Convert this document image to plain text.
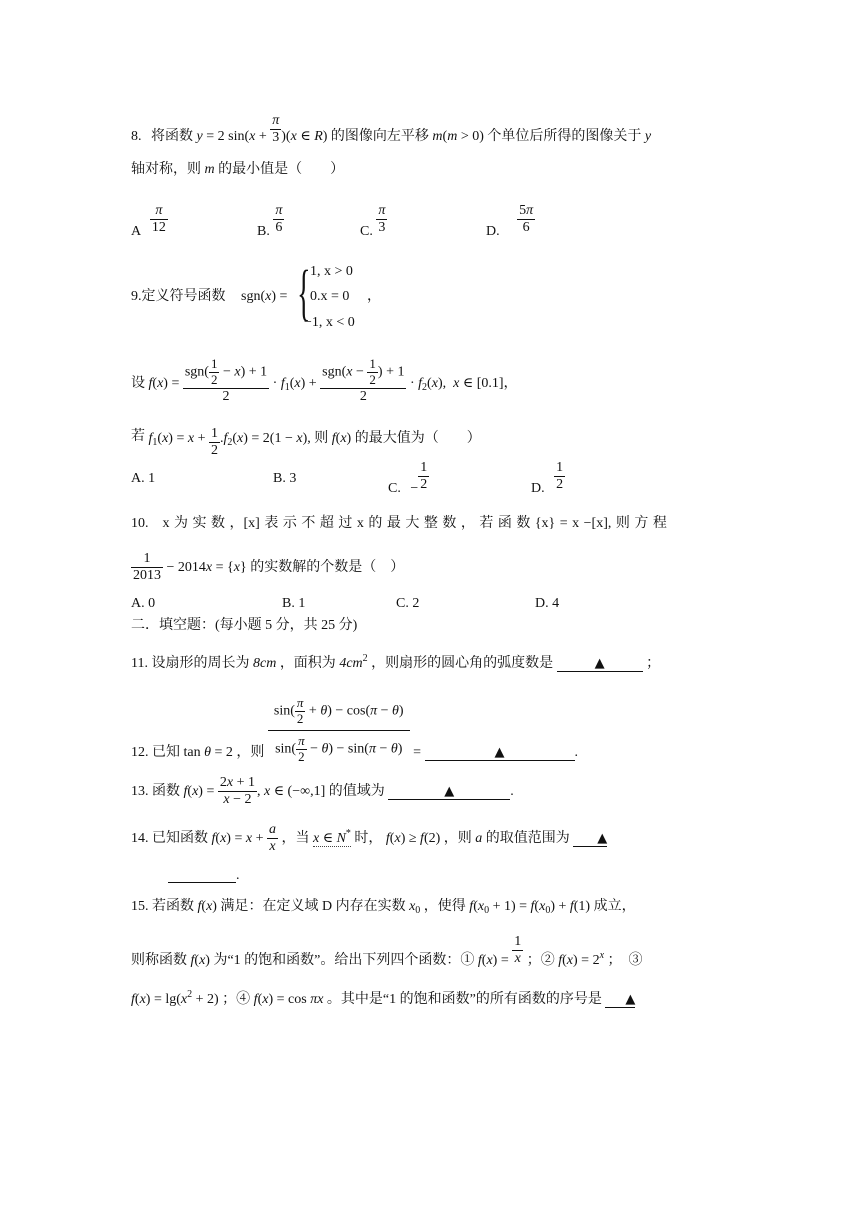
8. 将函数 y = 2 $\sin(x + \frac{\pi}{3} )(x$ ∈ R) 的图像向左平移 m(m > 0) 个单位后所得的图像关于 y
轴对称，则 m 的最小值是（　　）
A $\frac{\pi}{12}$	B. $\frac{\pi}{6}$	C. $\frac{\pi}{3}$	D. $\frac{5\pi}{6}$
9.定义符号函数 sgn(x) = { 1, x > 0
0.x = 0
−1, x < 0
，
设 $f(x) = \frac{sgn( \frac{1}{2} - x) + 1}{2} \cdot f_1(x) + \frac{sgn(x - \frac{1}{2} ) + 1}{2} \cdot f_2(x)$,  x ∈ [0.1]，
若 $f_1(x) = x + \frac{1}{2} .f_2(x) = 2(1 - x)$, 则 f(x) 的最大值为（　　）
A. 1	B. 3
C. − $\frac{1}{2}$	D. $\frac{1}{2}$
10.　x 为 实 数 ，[x] 表 示 不 超 过 x 的 最 大 整 数 ， 若 函 数 {x} = x −[x], 则 方 程
$\frac{1}{2013} - 2014x = \{x\}$ 的实数解的个数是（　）
A. 0	B. 1	C. 2	D. 4
二．填空题：(每小题 5 分，共 25 分)
11. 设扇形的周长为 8cm ，面积为 $4cm^2$ ，则扇形的圆心角的弧度数是	▲	；
12. 已知 tan θ = 2 ，则 $\frac{\sin( \frac{\pi}{2} + \theta) - \cos(\pi - \theta)}{\sin( \frac{\pi}{2} - \theta) - \sin(\pi - \theta)}$ =	▲	.
13. 函数 $f(x) = \frac{2x + 1}{x - 2}$ , x ∈ (−∞,1] 的值域为	▲	.
14. 已知函数 $f(x) = x + \frac{a}{x}$ ，当 x ∈ N* 时， f(x) ≥ f(2) ，则 a 的取值范围为 ▲
.
15. 若函数 f(x) 满足：在定义域 D 内存在实数 $x_0$ ，使得 $f(x_0 + 1) = f(x_0) + f(1)$ 成立，
则称函数 f(x) 为“1 的饱和函数”。给出下列四个函数：① $f(x) = \frac{1}{x}$ ；② $f(x) = 2^x$ ；　③
$f(x) = \lg(x^2 + 2)$ ；④ f(x) = cos πx 。其中是“1 的饱和函数”的所有函数的序号是 ▲
